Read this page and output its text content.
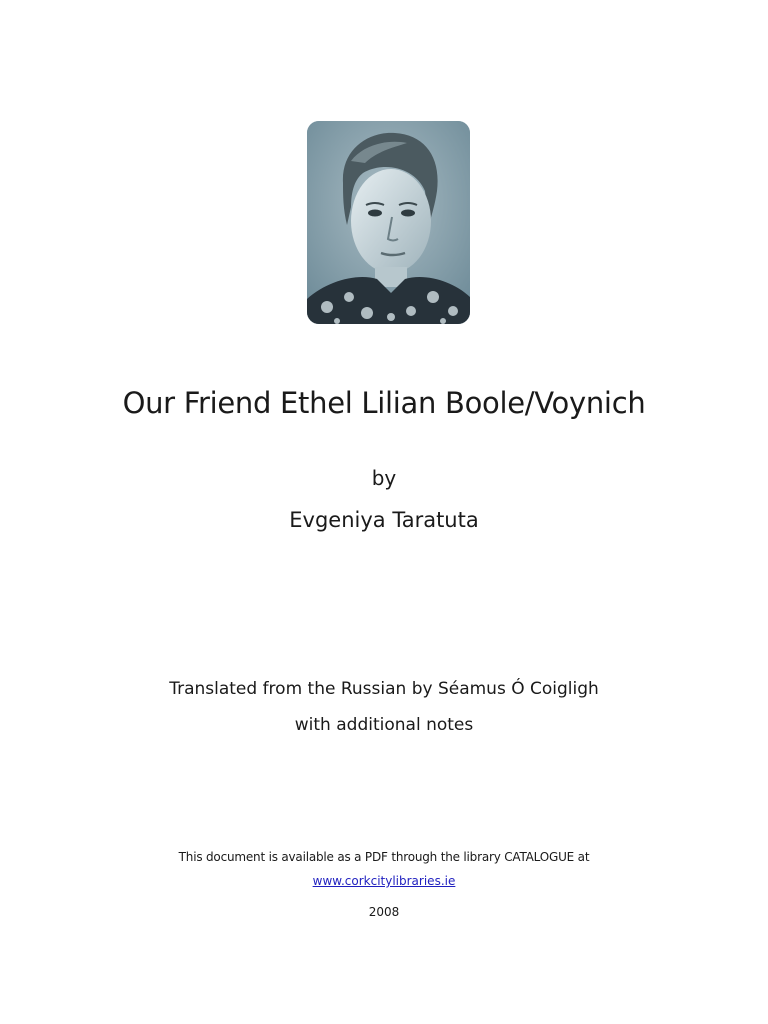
Our Friend Ethel Lilian Boole/Voynich
by
Evgeniya Taratuta
Translated from the Russian by Séamus Ó Coigligh
with additional notes
This document is available as a PDF through the library CATALOGUE at
www.corkcitylibraries.ie
2008
